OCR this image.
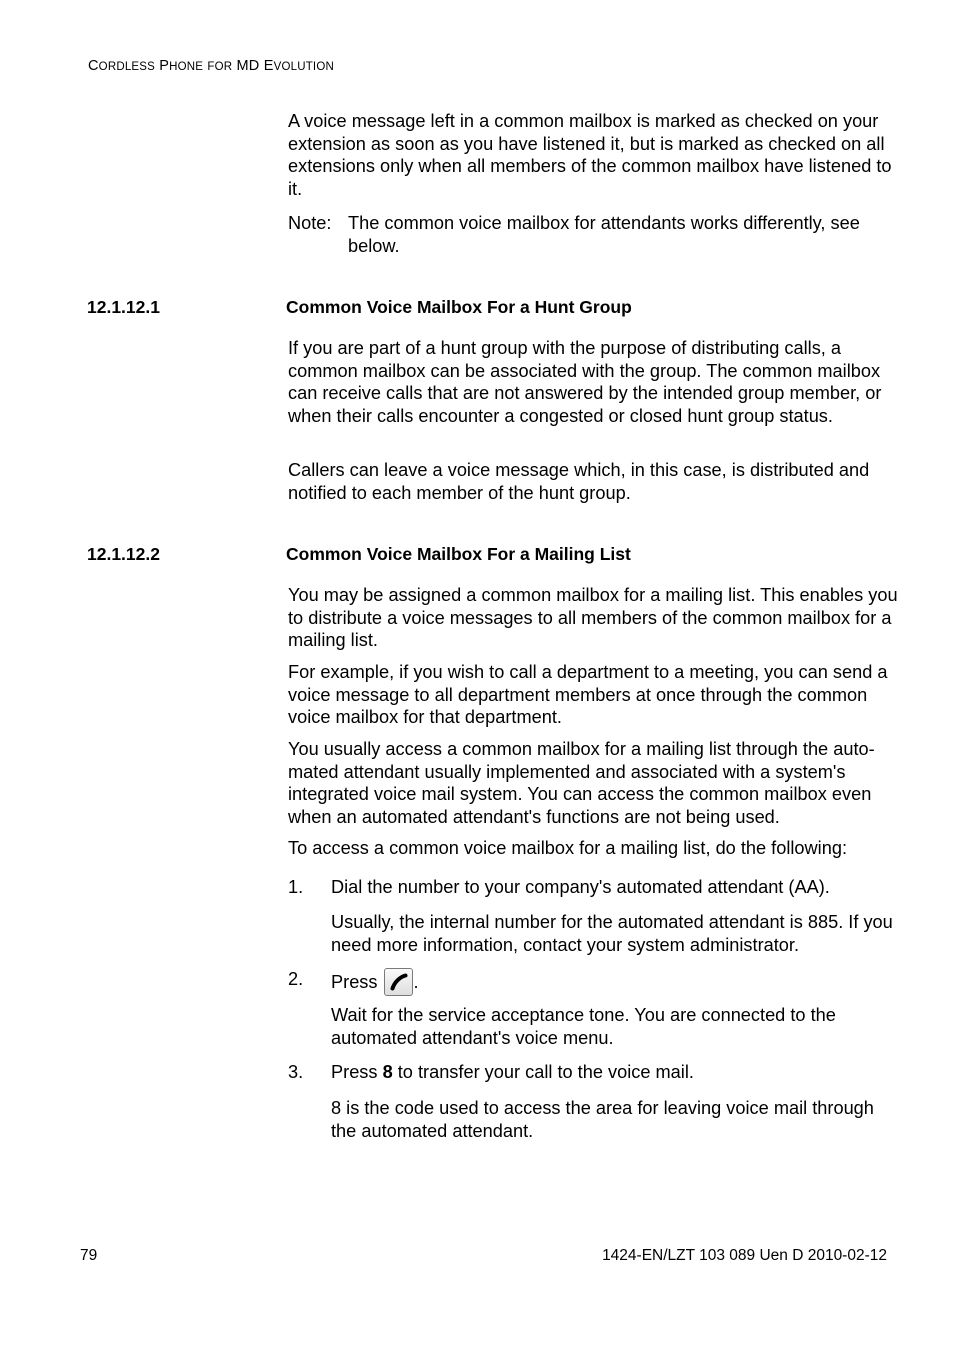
CORDLESS PHONE FOR MD EVOLUTION
A voice message left in a common mailbox is marked as checked on your extension as soon as you have listened it, but is marked as checked on all extensions only when all members of the common mailbox have listened to it.
Note: The common voice mailbox for attendants works differently, see below.
12.1.12.1	Common Voice Mailbox For a Hunt Group
If you are part of a hunt group with the purpose of distributing calls, a common mailbox can be associated with the group. The common mailbox can receive calls that are not answered by the intended group member, or when their calls encounter a congested or closed hunt group status.
Callers can leave a voice message which, in this case, is distributed and notified to each member of the hunt group.
12.1.12.2	Common Voice Mailbox For a Mailing List
You may be assigned a common mailbox for a mailing list. This enables you to distribute a voice messages to all members of the common mailbox for a mailing list.
For example, if you wish to call a department to a meeting, you can send a voice message to all department members at once through the common voice mailbox for that department.
You usually access a common mailbox for a mailing list through the auto-mated attendant usually implemented and associated with a system's integrated voice mail system. You can access the common mailbox even when an automated attendant's functions are not being used.
To access a common voice mailbox for a mailing list, do the following:
1. Dial the number to your company's automated attendant (AA).
Usually, the internal number for the automated attendant is 885. If you need more information, contact your system administrator.
2. Press .
Wait for the service acceptance tone. You are connected to the automated attendant's voice menu.
3. Press 8 to transfer your call to the voice mail.
8 is the code used to access the area for leaving voice mail through the automated attendant.
79	1424-EN/LZT 103 089 Uen D 2010-02-12
